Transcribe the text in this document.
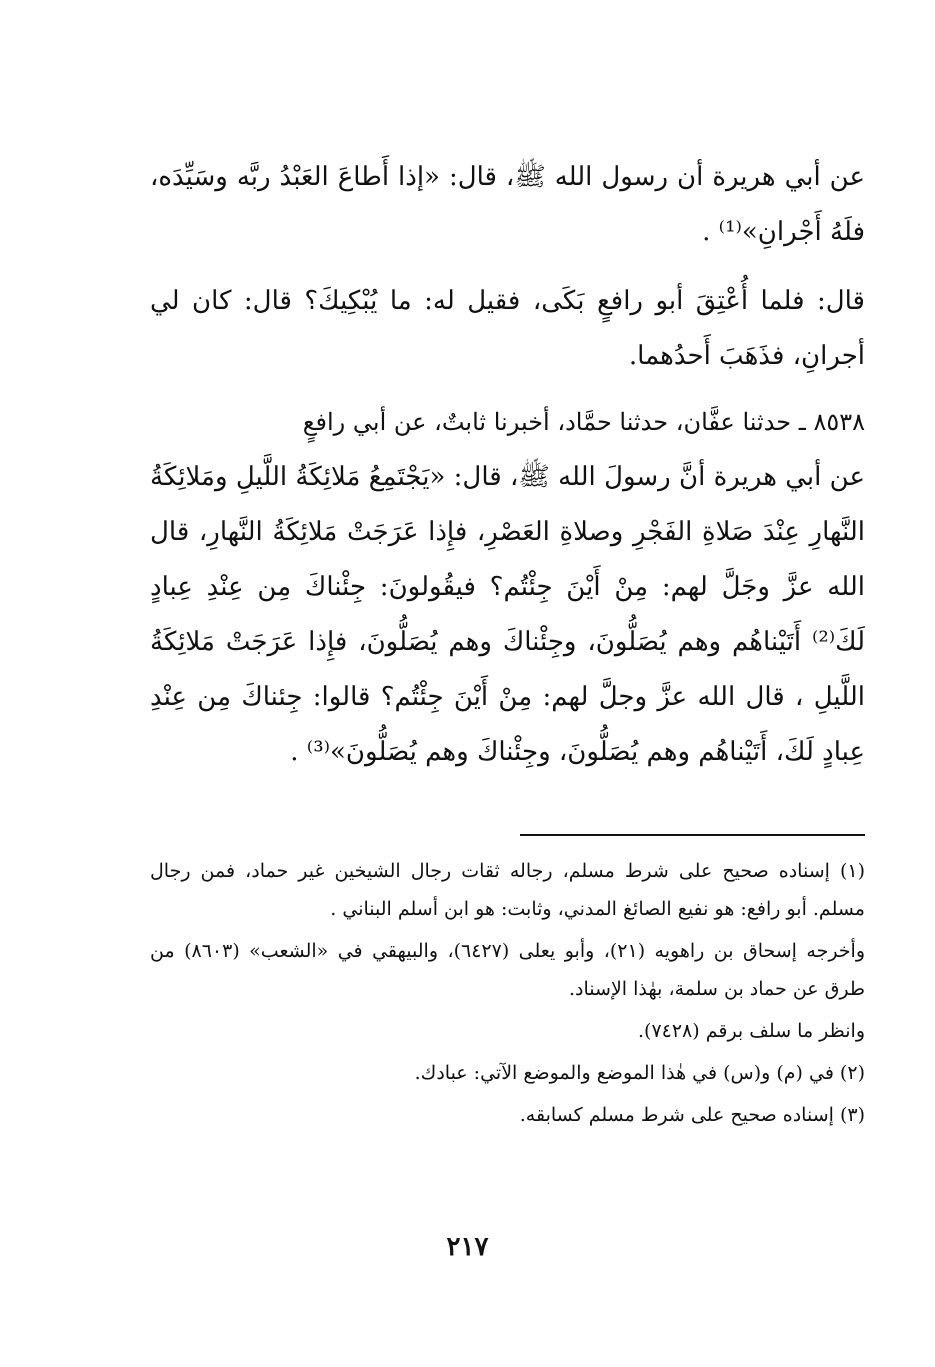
عن أبي هريرة أن رسول الله ﷺ، قال: «إذا أَطاعَ العَبْدُ ربَّه وسَيِّدَه، فلَهُ أَجْرانِ»⁽¹⁾ .

قال: فلما أُعْتِقَ أبو رافعٍ بَكَى، فقيل له: ما يُبْكِيكَ؟ قال: كان لي أجرانِ، فذَهَبَ أَحدُهما.

٨٥٣٨ ـ حدثنا عفَّان، حدثنا حمَّاد، أخبرنا ثابتٌ، عن أبي رافعٍ

عن أبي هريرة أنَّ رسولَ الله ﷺ، قال: «يَجْتَمِعُ مَلائِكَةُ اللَّيلِ ومَلائِكَةُ النَّهارِ عِنْدَ صَلاةِ الفَجْرِ وصلاةِ العَصْرِ، فإِذا عَرَجَتْ مَلائِكَةُ النَّهارِ، قال الله عزَّ وجَلَّ لهم: مِنْ أَيْنَ جِئْتُم؟ فيقُولونَ: جِئْناكَ مِن عِنْدِ عِبادٍ لَكَ⁽²⁾ أَتَيْناهُم وهم يُصَلُّونَ، وجِئْناكَ وهم يُصَلُّونَ، فإِذا عَرَجَتْ مَلائِكَةُ اللَّيلِ ، قال الله عزَّ وجلَّ لهم: مِنْ أَيْنَ جِئْتُم؟ قالوا: جِئناكَ مِن عِنْدِ عِبادٍ لَكَ، أَتَيْناهُم وهم يُصَلُّونَ، وجِئْناكَ وهم يُصَلُّونَ»⁽³⁾ .

(١) إسناده صحيح على شرط مسلم، رجاله ثقات رجال الشيخين غير حماد، فمن رجال مسلم. أبو رافع: هو نفيع الصائغ المدني، وثابت: هو ابن أسلم البناني .

وأخرجه إسحاق بن راهويه (٢١)، وأبو يعلى (٦٤٢٧)، والبيهقي في «الشعب» (٨٦٠٣) من طرق عن حماد بن سلمة، بهٰذا الإسناد.

وانظر ما سلف برقم (٧٤٢٨).

(٢) في (م) و(س) في هٰذا الموضع والموضع الآتي: عبادك.

(٣) إسناده صحيح على شرط مسلم كسابقه.

٢١٧
